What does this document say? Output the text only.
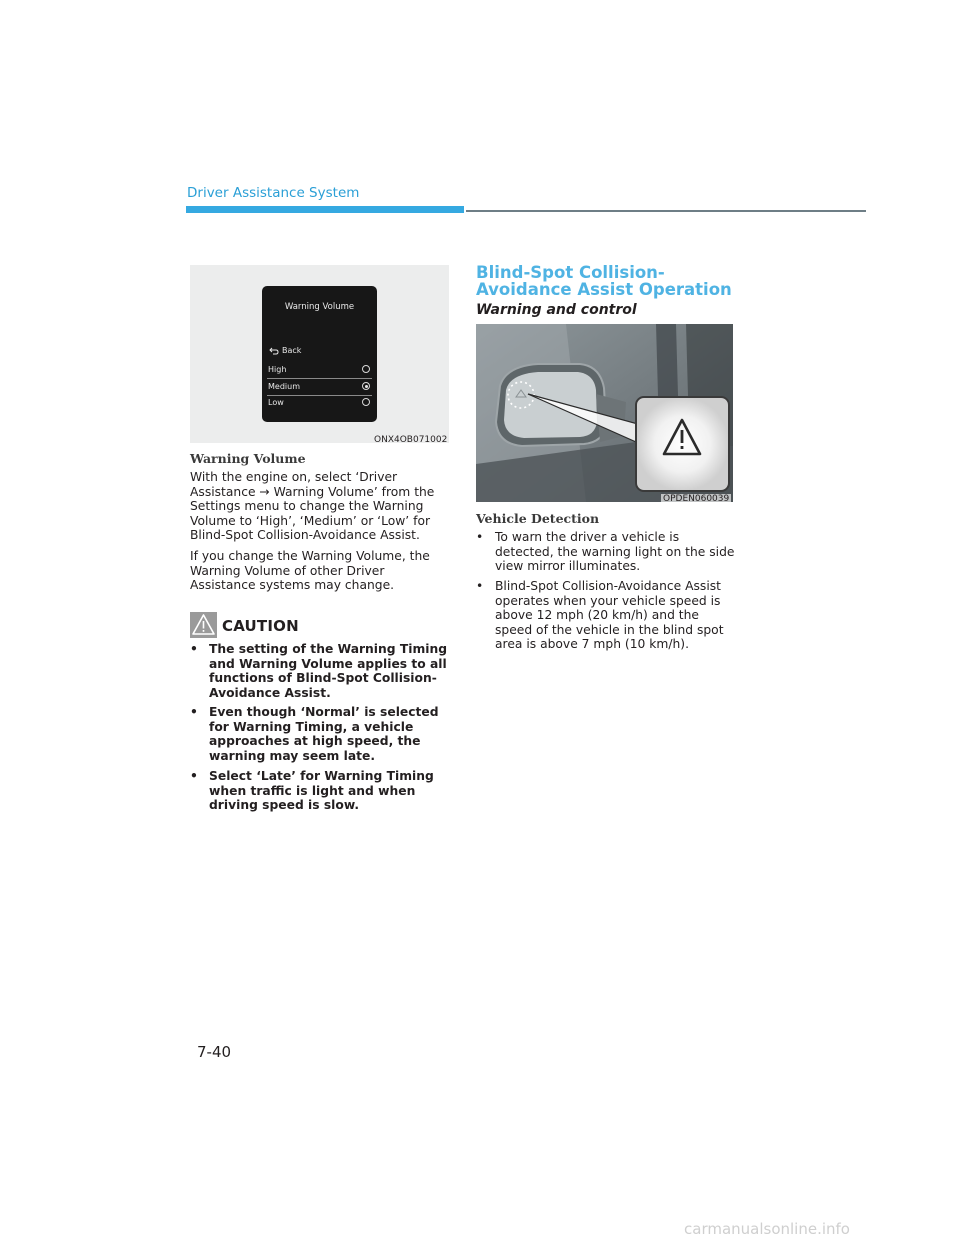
Driver Assistance System
Warning Volume
Back
High
Medium
Low
ONX4OB071002
Warning Volume
With the engine on, select ‘Driver Assistance → Warning Volume’ from the Settings menu to change the Warning Volume to ‘High’, ‘Medium’ or ‘Low’ for Blind-Spot Collision-Avoidance Assist.
If you change the Warning Volume, the Warning Volume of other Driver Assistance systems may change.
CAUTION
• The setting of the Warning Timing and Warning Volume applies to all functions of Blind-Spot Collision-Avoidance Assist.
• Even though ‘Normal’ is selected for Warning Timing, a vehicle approaches at high speed, the warning may seem late.
• Select ‘Late’ for Warning Timing when traffic is light and when driving speed is slow.
Blind-Spot Collision-Avoidance Assist Operation
Warning and control
OPDEN060039
Vehicle Detection
• To warn the driver a vehicle is detected, the warning light on the side view mirror illuminates.
• Blind-Spot Collision-Avoidance Assist operates when your vehicle speed is above 12 mph (20 km/h) and the speed of the vehicle in the blind spot area is above 7 mph (10 km/h).
7-40
carmanualsonline.info
